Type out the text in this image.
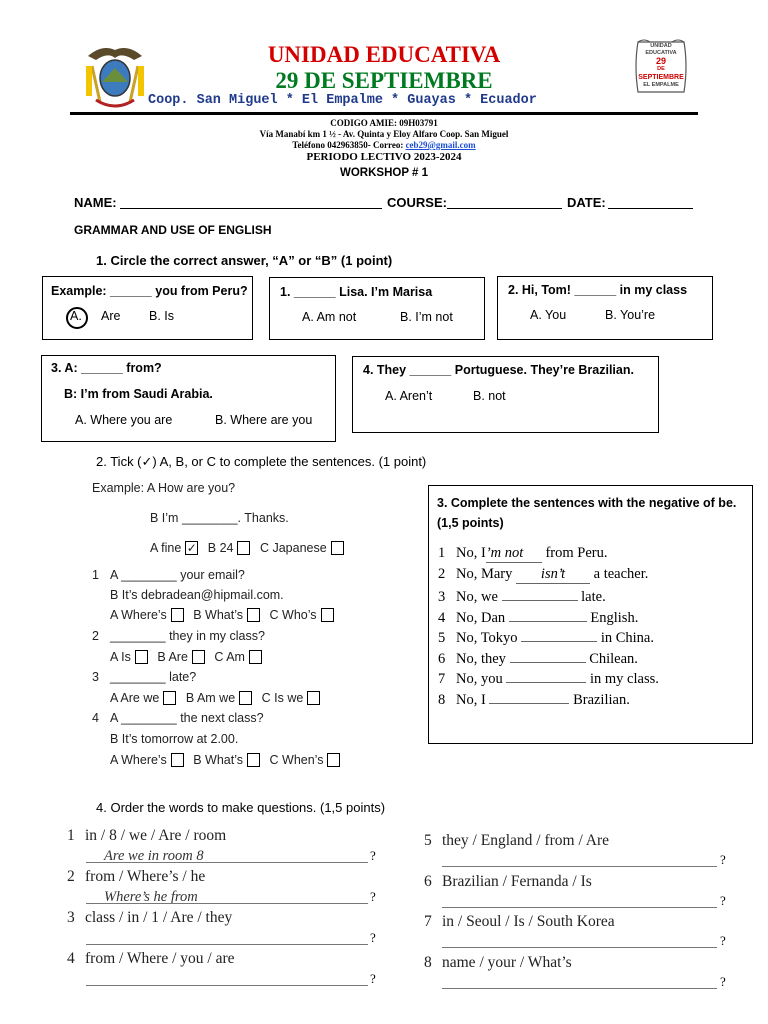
UNIDAD EDUCATIVA
29 DE SEPTIEMBRE
Coop. San Miguel * El Empalme * Guayas * Ecuador
UNIDAD
EDUCATIVA
29
DE
SEPTIEMBRE
EL EMPALME
CODIGO AMIE: 09H03791
Vía Manabí km 1 ½ - Av. Quinta y Eloy Alfaro Coop. San Miguel
Teléfono 042963850- Correo: ceb29@gmail.com
PERIODO LECTIVO 2023-2024
WORKSHOP # 1
NAME:	COURSE:	DATE:
GRAMMAR AND USE OF ENGLISH
1. Circle the correct answer, “A” or “B” (1 point)
Example: ______ you from Peru?
A. Are B. Is
1. ______ Lisa. I’m Marisa
A. Am not	B. I’m not
2. Hi, Tom! ______ in my class
A. You	B. You’re
3. A: ______ from?
B: I’m from Saudi Arabia.
A. Where you are	B. Where are you
4. They ______ Portuguese. They’re Brazilian.
A. Aren’t	B. not
2. Tick (✓) A, B, or C to complete the sentences. (1 point)
Example: A How are you?
B I’m ________. Thanks.
A fine ✓ B 24 C Japanese
1 A ________ your email?
B It’s debradean@hipmail.com.
A Where’s B What’s C Who’s
2 ________ they in my class?
A Is B Are C Am
3 ________ late?
A Are we B Am we C Is we
4 A ________ the next class?
B It’s tomorrow at 2.00.
A Where’s B What’s C When’s
3. Complete the sentences with the negative of be. (1,5 points)
1 No, I’m not from Peru.
2 No, Mary isn’t a teacher.
3 No, we	late.
4 No, Dan	English.
5 No, Tokyo	in China.
6 No, they	Chilean.
7 No, you	in my class.
8 No, I	Brazilian.
4. Order the words to make questions. (1,5 points)
1 in / 8 / we / Are / room
Are we in room 8	?
2 from / Where’s / he
Where’s he from	?
3 class / in / 1 / Are / they
?
4 from / Where / you / are
?
5 they / England / from / Are
?
6 Brazilian / Fernanda / Is
?
7 in / Seoul / Is / South Korea
?
8 name / your / What’s
?
